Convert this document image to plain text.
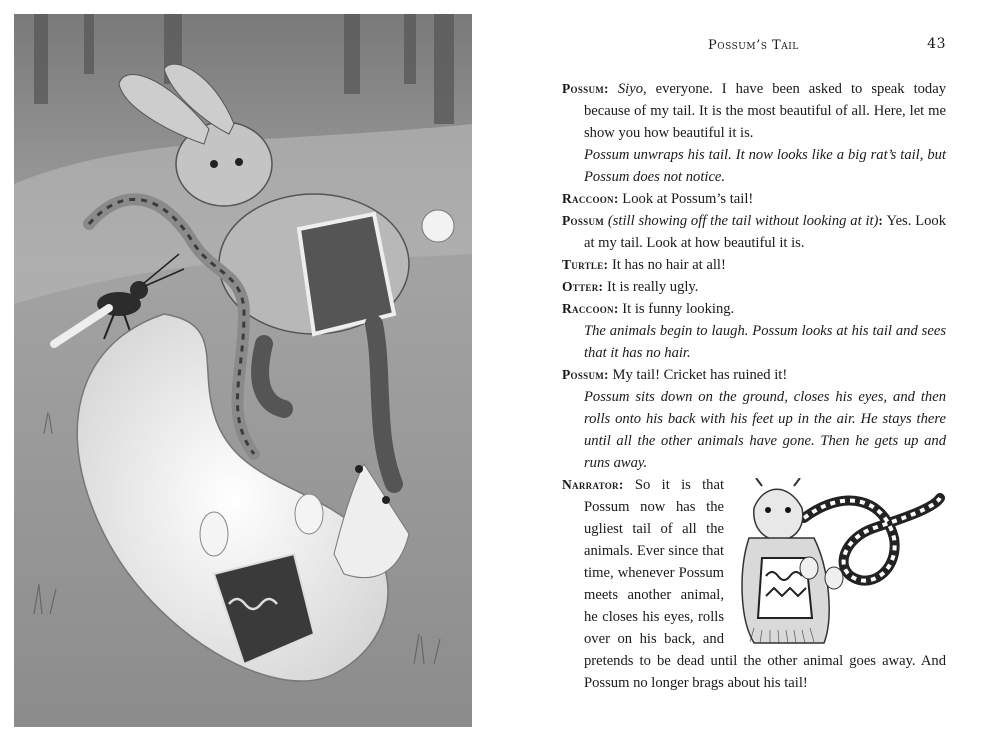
Possum’s Tail	43

Possum: Siyo, everyone. I have been asked to speak today because of my tail. It is the most beautiful of all. Here, let me show you how beautiful it is.

Possum unwraps his tail. It now looks like a big rat’s tail, but Possum does not notice.

Raccoon: Look at Possum’s tail!

Possum (still showing off the tail without looking at it): Yes. Look at my tail. Look at how beautiful it is.

Turtle: It has no hair at all!

Otter: It is really ugly.

Raccoon: It is funny looking.

The animals begin to laugh. Possum looks at his tail and sees that it has no hair.

Possum: My tail! Cricket has ruined it!

Possum sits down on the ground, closes his eyes, and then rolls onto his back with his feet up in the air. He stays there until all the other animals have gone. Then he gets up and runs away.

Narrator: So it is that Possum now has the ugliest tail of all the animals. Ever since that time, whenever Possum meets another animal, he closes his eyes, rolls over on his back, and pretends to be dead until the other animal goes away. And Possum no longer brags about his tail!
